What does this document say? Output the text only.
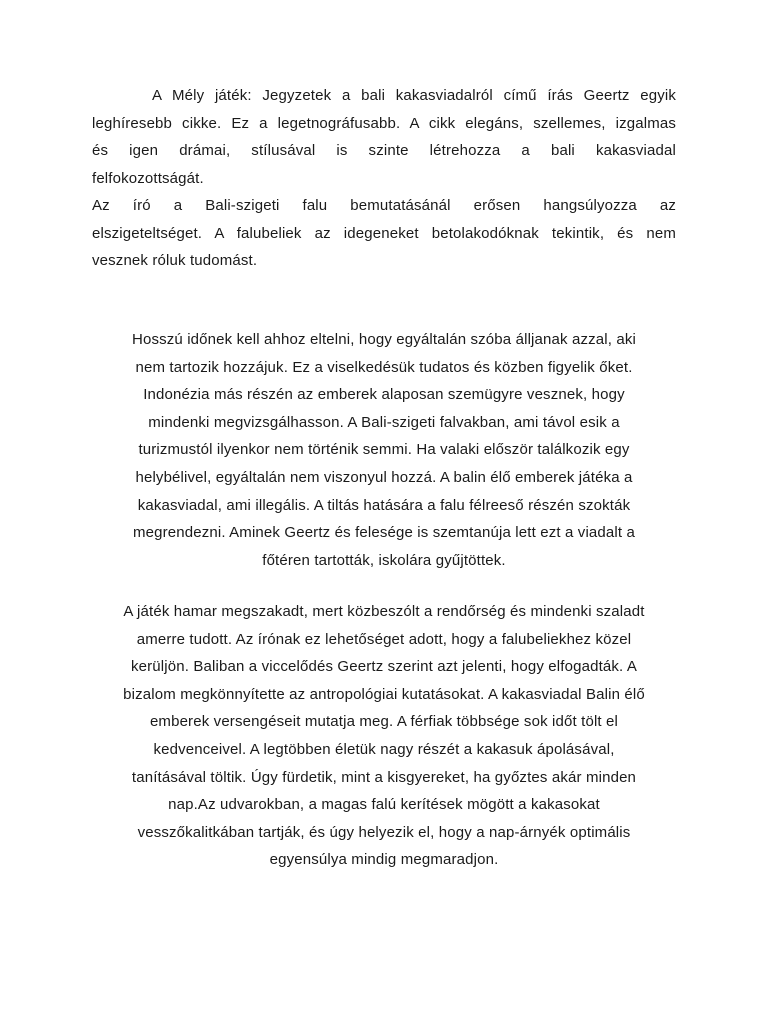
A Mély játék: Jegyzetek a bali kakasviadalról című írás Geertz egyik
leghíresebb cikke. Ez a legetnográfusabb. A cikk elegáns, szellemes, izgalmas
és igen drámai, stílusával is szinte létrehozza a bali kakasviadal
felfokozottságát.
Az író a Bali-szigeti falu bemutatásánál erősen hangsúlyozza az
elszigeteltséget. A falubeliek az idegeneket betolakodóknak tekintik, és nem
vesznek róluk tudomást.
Hosszú időnek kell ahhoz eltelni, hogy egyáltalán szóba álljanak azzal, aki
nem tartozik hozzájuk. Ez a viselkedésük tudatos és közben figyelik őket.
Indonézia más részén az emberek alaposan szemügyre vesznek, hogy
mindenki megvizsgálhasson. A Bali-szigeti falvakban, ami távol esik a
turizmustól ilyenkor nem történik semmi. Ha valaki először találkozik egy
helybélivel, egyáltalán nem viszonyul hozzá. A balin élő emberek játéka a
kakasviadal, ami illegális. A tiltás hatására a falu félreeső részén szokták
megrendezni. Aminek Geertz és felesége is szemtanúja lett ezt a viadalt a
főtéren tartották, iskolára gyűjtöttek.
A játék hamar megszakadt, mert közbeszólt a rendőrség és mindenki szaladt
amerre tudott. Az írónak ez lehetőséget adott, hogy a falubeliekhez közel
kerüljön. Baliban a viccelődés Geertz szerint azt jelenti, hogy elfogadták. A
bizalom megkönnyítette az antropológiai kutatásokat. A kakasviadal Balin élő
emberek versengéseit mutatja meg. A férfiak többsége sok időt tölt el
kedvenceivel. A legtöbben életük nagy részét a kakasuk ápolásával,
tanításával töltik. Úgy fürdetik, mint a kisgyereket, ha győztes akár minden
nap.Az udvarokban, a magas falú kerítések mögött a kakasokat
vesszőkalitkában tartják, és úgy helyezik el, hogy a nap-árnyék optimális
egyensúlya mindig megmaradjon.
